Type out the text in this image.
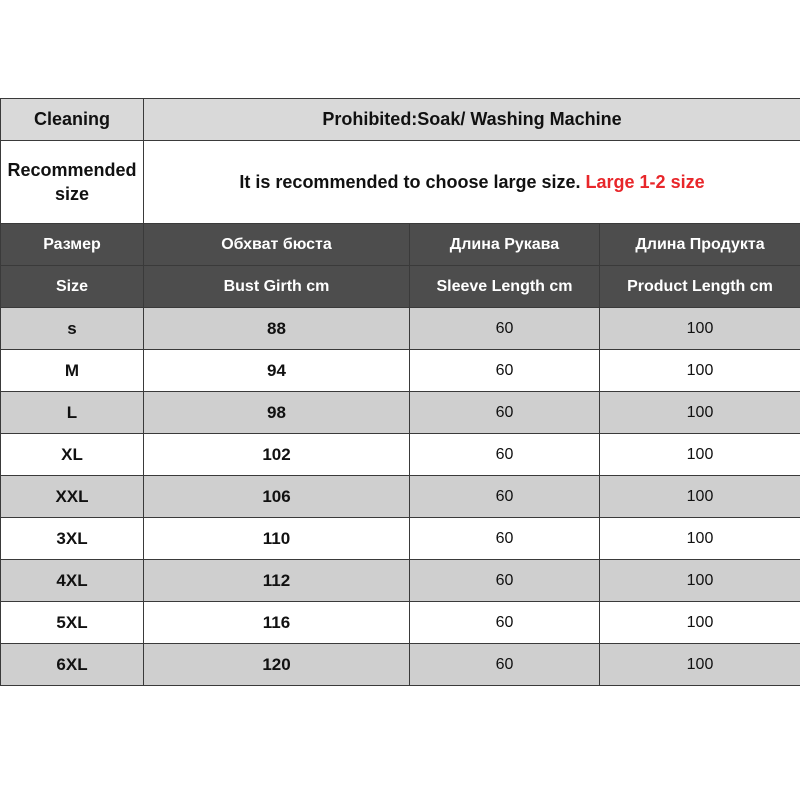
Cleaning	Prohibited:Soak/ Washing Machine		
Recommended
size	It is recommended to choose large size. Large 1-2 size		
Размер	Обхват бюста	Длина Рукава	Длина Продукта
Size	Bust Girth cm	Sleeve Length cm	Product Length cm
s	88	60	100
M	94	60	100
L	98	60	100
XL	102	60	100
XXL	106	60	100
3XL	110	60	100
4XL	112	60	100
5XL	116	60	100
6XL	120	60	100
